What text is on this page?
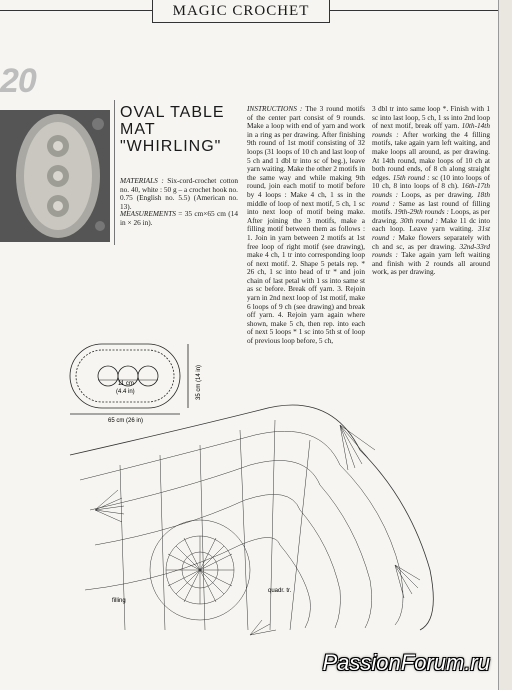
MAGIC CROCHET
20
OVAL TABLE
MAT
"WHIRLING"
MATERIALS : Six-cord-crochet cotton no. 40, white : 50 g – a crochet hook no. 0.75 (English no. 5.5) (American no. 13).
MEASUREMENTS = 35 cm×65 cm (14 in × 26 in).
INSTRUCTIONS : The 3 round motifs of the center part consist of 9 rounds. Make a loop with end of yarn and work in a ring as per drawing. After finishing 9th round of 1st motif consisting of 32 loops (31 loops of 10 ch and last loop of 5 ch and 1 dbl tr into sc of beg.), leave yarn waiting. Make the other 2 motifs in the same way and while making 9th round, join each motif to motif before by 4 loops : Make 4 ch, 1 ss in the middle of loop of next motif, 5 ch, 1 sc into next loop of motif being make. After joining the 3 motifs, make a filling motif between them as follows : 1. Join in yarn between 2 motifs at 1st free loop of right motif (see drawing), make 4 ch, 1 tr into corresponding loop of next motif. 2. Shape 5 petals rep. * 26 ch, 1 sc into head of tr * and join chain of last petal with 1 ss into same st as sc before. Break off yarn. 3. Rejoin yarn in 2nd next loop of 1st motif, make 6 loops of 9 ch (see drawing) and break off yarn. 4. Rejoin yarn again where shown, make 5 ch, then rep. into each of next 5 loops * 1 sc into 5th st of loop of previous loop before, 5 ch,
3 dbl tr into same loop *. Finish with 1 sc into last loop, 5 ch, 1 ss into 2nd loop of next motif, break off yarn. 10th-14th rounds : After working the 4 filling motifs, take again yarn left waiting, and make loops all around, as per drawing. At 14th round, make loops of 10 ch at both round ends, of 8 ch along straight edges. 15th round : sc (10 into loops of 10 ch, 8 into loops of 8 ch). 16th-17th rounds : Loops, as per drawing. 18th round : Same as last round of filling motifs. 19th-29th rounds : Loops, as per drawing. 30th round : Make 11 dc into each loop. Leave yarn waiting. 31st round : Make flowers separately with ch and sc, as per drawing. 32nd-33rd rounds : Take again yarn left waiting and finish with 2 rounds all around work, as per drawing.
11 cm
(4.4 in)
65 cm (26 in)
35 cm (14 in)
filling
quadr. tr.
PassionForum.ru
